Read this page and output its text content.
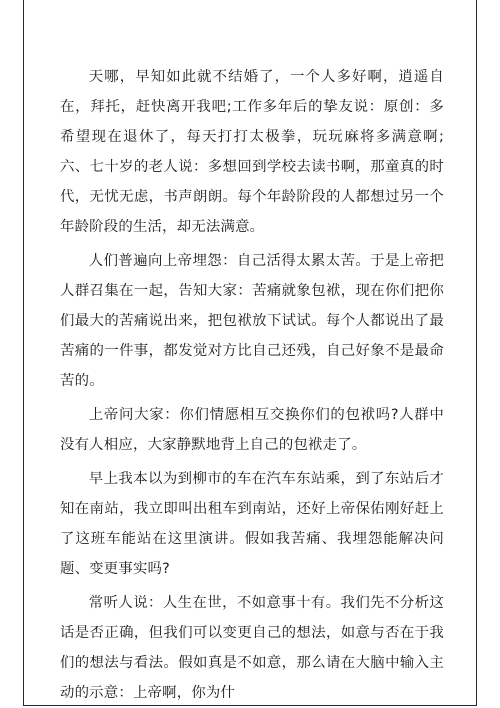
天哪，早知如此就不结婚了，一个人多好啊，逍遥自在，拜托，赶快离开我吧;工作多年后的挚友说：原创：多希望现在退休了，每天打打太极拳，玩玩麻将多满意啊;六、七十岁的老人说：多想回到学校去读书啊，那童真的时代，无忧无虑，书声朗朗。每个年龄阶段的人都想过另一个年龄阶段的生活，却无法满意。

人们普遍向上帝埋怨：自己活得太累太苦。于是上帝把人群召集在一起，告知大家：苦痛就象包袱，现在你们把你们最大的苦痛说出来，把包袱放下试试。每个人都说出了最苦痛的一件事，都发觉对方比自己还残，自己好象不是最命苦的。

上帝问大家：你们情愿相互交换你们的包袱吗?人群中没有人相应，大家静默地背上自己的包袱走了。

早上我本以为到柳市的车在汽车东站乘，到了东站后才知在南站，我立即叫出租车到南站，还好上帝保佑刚好赶上了这班车能站在这里演讲。假如我苦痛、我埋怨能解决问题、变更事实吗?

常听人说：人生在世，不如意事十有。我们先不分析这话是否正确，但我们可以变更自己的想法，如意与否在于我们的想法与看法。假如真是不如意，那么请在大脑中输入主动的示意：上帝啊，你为什
